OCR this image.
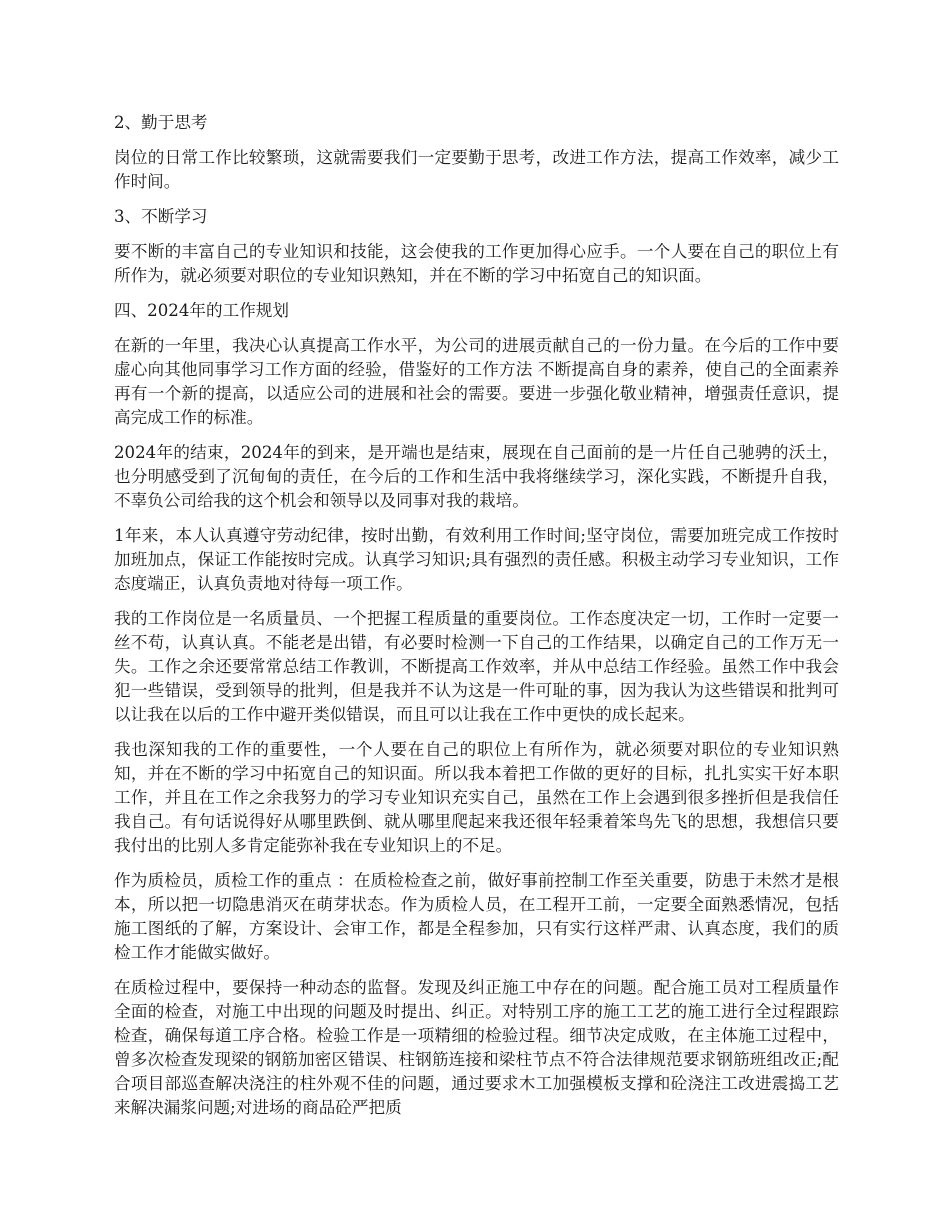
2、勤于思考

岗位的日常工作比较繁琐，这就需要我们一定要勤于思考，改进工作方法，提高工作效率，减少工作时间。

3、不断学习

要不断的丰富自己的专业知识和技能，这会使我的工作更加得心应手。一个人要在自己的职位上有所作为，就必须要对职位的专业知识熟知，并在不断的学习中拓宽自己的知识面。

四、2024年的工作规划

在新的一年里，我决心认真提高工作水平，为公司的进展贡献自己的一份力量。在今后的工作中要虚心向其他同事学习工作方面的经验，借鉴好的工作方法 不断提高自身的素养，使自己的全面素养再有一个新的提高，以适应公司的进展和社会的需要。要进一步强化敬业精神，增强责任意识，提高完成工作的标准。

2024年的结束，2024年的到来，是开端也是结束，展现在自己面前的是一片任自己驰骋的沃土，也分明感受到了沉甸甸的责任，在今后的工作和生活中我将继续学习，深化实践，不断提升自我，不辜负公司给我的这个机会和领导以及同事对我的栽培。

1年来，本人认真遵守劳动纪律，按时出勤，有效利用工作时间;坚守岗位，需要加班完成工作按时加班加点，保证工作能按时完成。认真学习知识;具有强烈的责任感。积极主动学习专业知识，工作态度端正，认真负责地对待每一项工作。

我的工作岗位是一名质量员、一个把握工程质量的重要岗位。工作态度决定一切，工作时一定要一丝不苟，认真认真。不能老是出错，有必要时检测一下自己的工作结果，以确定自己的工作万无一失。工作之余还要常常总结工作教训，不断提高工作效率，并从中总结工作经验。虽然工作中我会犯一些错误，受到领导的批判，但是我并不认为这是一件可耻的事，因为我认为这些错误和批判可以让我在以后的工作中避开类似错误，而且可以让我在工作中更快的成长起来。

我也深知我的工作的重要性，一个人要在自己的职位上有所作为，就必须要对职位的专业知识熟知，并在不断的学习中拓宽自己的知识面。所以我本着把工作做的更好的目标，扎扎实实干好本职工作，并且在工作之余我努力的学习专业知识充实自己，虽然在工作上会遇到很多挫折但是我信任我自己。有句话说得好从哪里跌倒、就从哪里爬起来我还很年轻秉着笨鸟先飞的思想，我想信只要我付出的比别人多肯定能弥补我在专业知识上的不足。

作为质检员，质检工作的重点 ：在质检检查之前，做好事前控制工作至关重要，防患于未然才是根本，所以把一切隐患消灭在萌芽状态。作为质检人员，在工程开工前，一定要全面熟悉情况，包括施工图纸的了解，方案设计、会审工作，都是全程参加，只有实行这样严肃、认真态度，我们的质检工作才能做实做好。

在质检过程中，要保持一种动态的监督。发现及纠正施工中存在的问题。配合施工员对工程质量作全面的检查，对施工中出现的问题及时提出、纠正。对特别工序的施工工艺的施工进行全过程跟踪检查，确保每道工序合格。检验工作是一项精细的检验过程。细节决定成败，在主体施工过程中，曾多次检查发现梁的钢筋加密区错误、柱钢筋连接和梁柱节点不符合法律规范要求钢筋班组改正;配合项目部巡查解决浇注的柱外观不佳的问题，通过要求木工加强模板支撑和砼浇注工改进震捣工艺来解决漏浆问题;对进场的商品砼严把质
